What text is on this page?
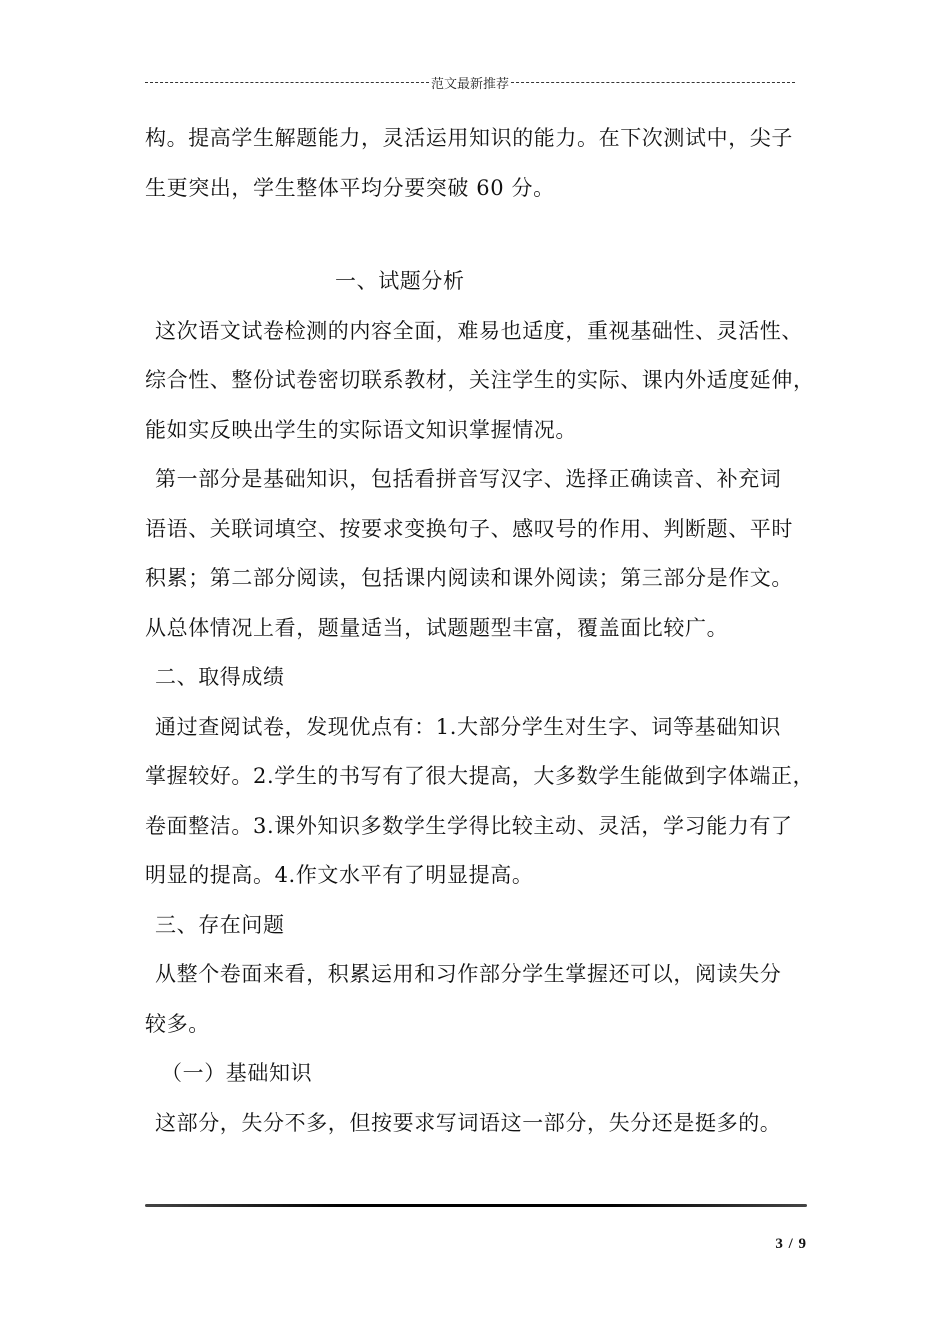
范文最新推荐
构。提高学生解题能力，灵活运用知识的能力。在下次测试中，尖子
生更突出，学生整体平均分要突破 60 分。
一、试题分析
这次语文试卷检测的内容全面，难易也适度，重视基础性、灵活性、
综合性、整份试卷密切联系教材，关注学生的实际、课内外适度延伸，
能如实反映出学生的实际语文知识掌握情况。
第一部分是基础知识，包括看拼音写汉字、选择正确读音、补充词
语语、关联词填空、按要求变换句子、感叹号的作用、判断题、平时
积累；第二部分阅读，包括课内阅读和课外阅读；第三部分是作文。
从总体情况上看，题量适当，试题题型丰富，覆盖面比较广。
二、取得成绩
通过查阅试卷，发现优点有：1.大部分学生对生字、词等基础知识
掌握较好。2.学生的书写有了很大提高，大多数学生能做到字体端正，
卷面整洁。3.课外知识多数学生学得比较主动、灵活，学习能力有了
明显的提高。4.作文水平有了明显提高。
三、存在问题
从整个卷面来看，积累运用和习作部分学生掌握还可以，阅读失分
较多。
（一）基础知识
这部分，失分不多，但按要求写词语这一部分，失分还是挺多的。
3 / 9
